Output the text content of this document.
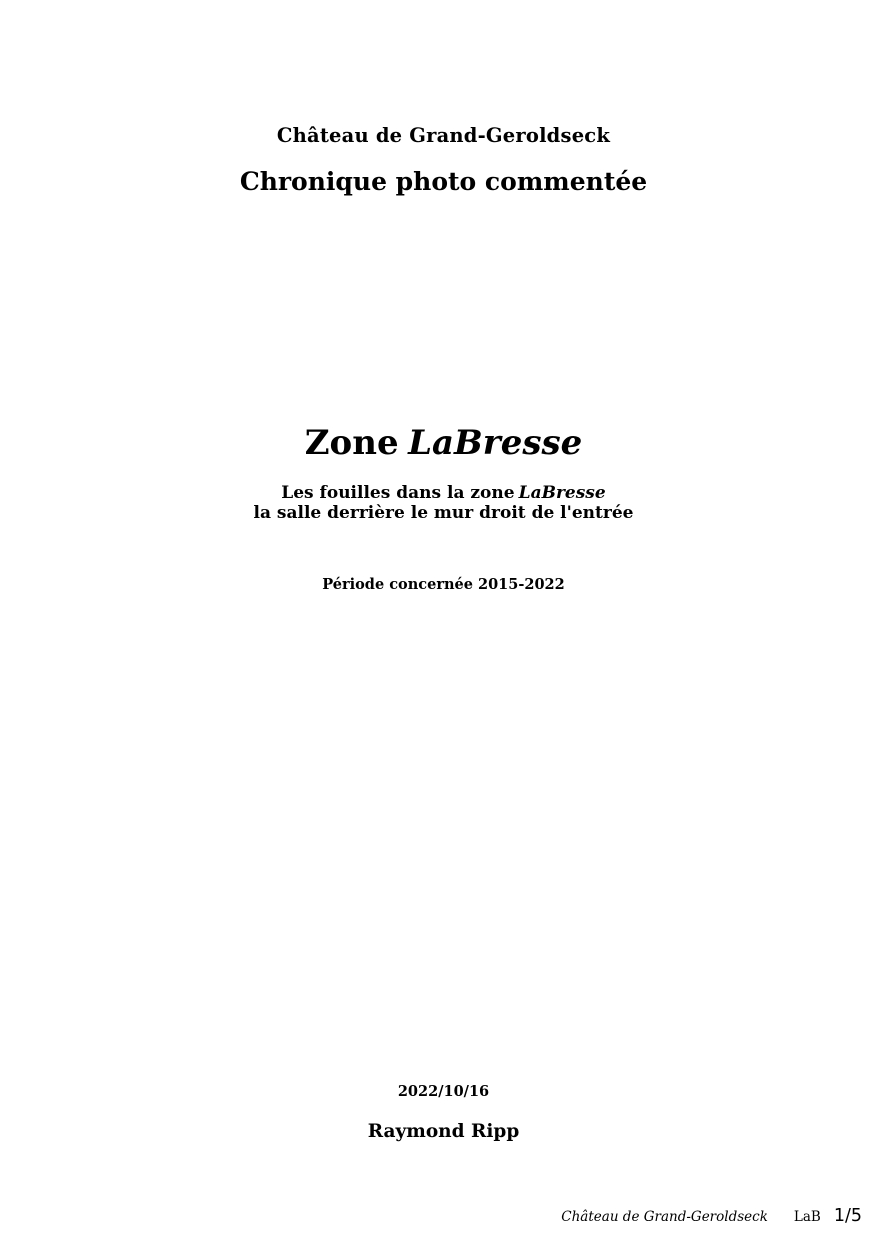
Château de Grand-Geroldseck
Chronique photo commentée
Zone LaBresse
Les fouilles dans la zone LaBresse
la salle derrière le mur droit de l'entrée
Période concernée 2015-2022
2022/10/16
Raymond Ripp
Château de Grand-Geroldseck LaB 1/5
